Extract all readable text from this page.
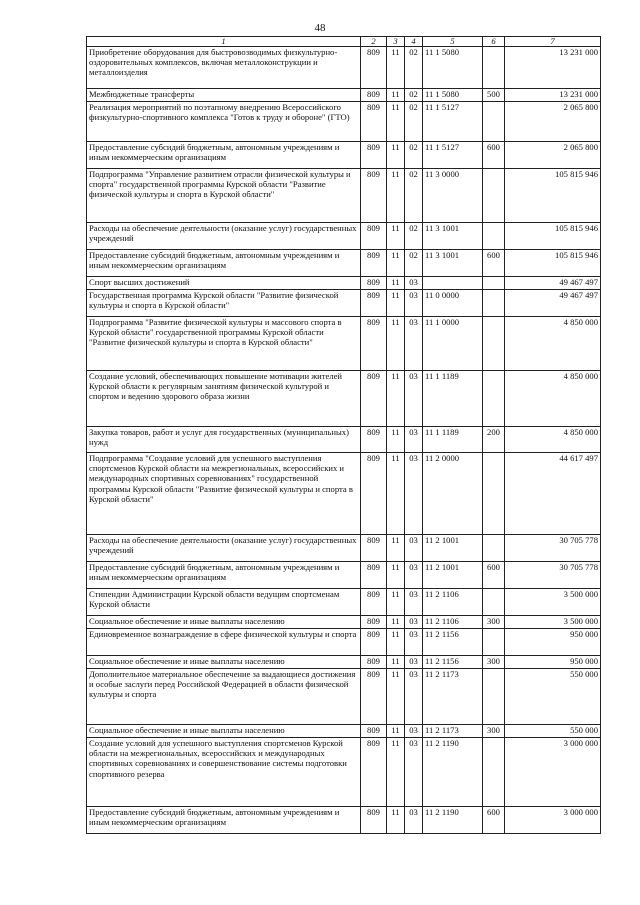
48
1	2	3	4	5	6	7
Приобретение оборудования для быстровозводимых физкультурно-оздоровительных комплексов, включая металлоконструкции и металлоизделия	809	11	02	11 1 5080		13 231 000
Межбюджетные трансферты	809	11	02	11 1 5080	500	13 231 000
Реализация мероприятий по поэтапному внедрению Всероссийского физкультурно-спортивного комплекса "Готов к труду и обороне" (ГТО)	809	11	02	11 1 5127		2 065 800
Предоставление субсидий бюджетным, автономным учреждениям и иным некоммерческим организациям	809	11	02	11 1 5127	600	2 065 800
Подпрограмма "Управление развитием отрасли физической культуры и спорта" государственной программы Курской области "Развитие физической культуры и спорта в Курской области"	809	11	02	11 3 0000		105 815 946
Расходы на обеспечение деятельности (оказание услуг) государственных учреждений	809	11	02	11 3 1001		105 815 946
Предоставление субсидий бюджетным, автономным учреждениям и иным некоммерческим организациям	809	11	02	11 3 1001	600	105 815 946
Спорт высших достижений	809	11	03			49 467 497
Государственная программа Курской области "Развитие физической культуры и спорта в Курской области"	809	11	03	11 0 0000		49 467 497
Подпрограмма "Развитие физической культуры и массового спорта в Курской области" государственной программы Курской области "Развитие физической культуры и спорта в Курской области"	809	11	03	11 1 0000		4 850 000
Создание условий, обеспечивающих повышение мотивации жителей Курской области к регулярным занятиям физической культурой и спортом и ведению здорового образа жизни	809	11	03	11 1 1189		4 850 000
Закупка товаров, работ и услуг для государственных (муниципальных) нужд	809	11	03	11 1 1189	200	4 850 000
Подпрограмма "Создание условий для успешного выступления спортсменов Курской области на межрегиональных, всероссийских и международных спортивных соревнованиях" государственной программы Курской области "Развитие физической культуры и спорта в Курской области"	809	11	03	11 2 0000		44 617 497
Расходы на обеспечение деятельности (оказание услуг) государственных учреждений	809	11	03	11 2 1001		30 705 778
Предоставление субсидий бюджетным, автономным учреждениям и иным некоммерческим организациям	809	11	03	11 2 1001	600	30 705 778
Стипендии Администрации Курской области ведущим спортсменам Курской области	809	11	03	11 2 1106		3 500 000
Социальное обеспечение и иные выплаты населению	809	11	03	11 2 1106	300	3 500 000
Единовременное вознаграждение в сфере физической культуры и спорта	809	11	03	11 2 1156		950 000
Социальное обеспечение и иные выплаты населению	809	11	03	11 2 1156	300	950 000
Дополнительное материальное обеспечение за выдающиеся достижения и особые заслуги перед Российской Федерацией в области физической культуры и спорта	809	11	03	11 2 1173		550 000
Социальное обеспечение и иные выплаты населению	809	11	03	11 2 1173	300	550 000
Создание условий для успешного выступления спортсменов Курской области на межрегиональных, всероссийских и международных спортивных соревнованиях и совершенствование системы подготовки спортивного резерва	809	11	03	11 2 1190		3 000 000
Предоставление субсидий бюджетным, автономным учреждениям и иным некоммерческим организациям	809	11	03	11 2 1190	600	3 000 000
